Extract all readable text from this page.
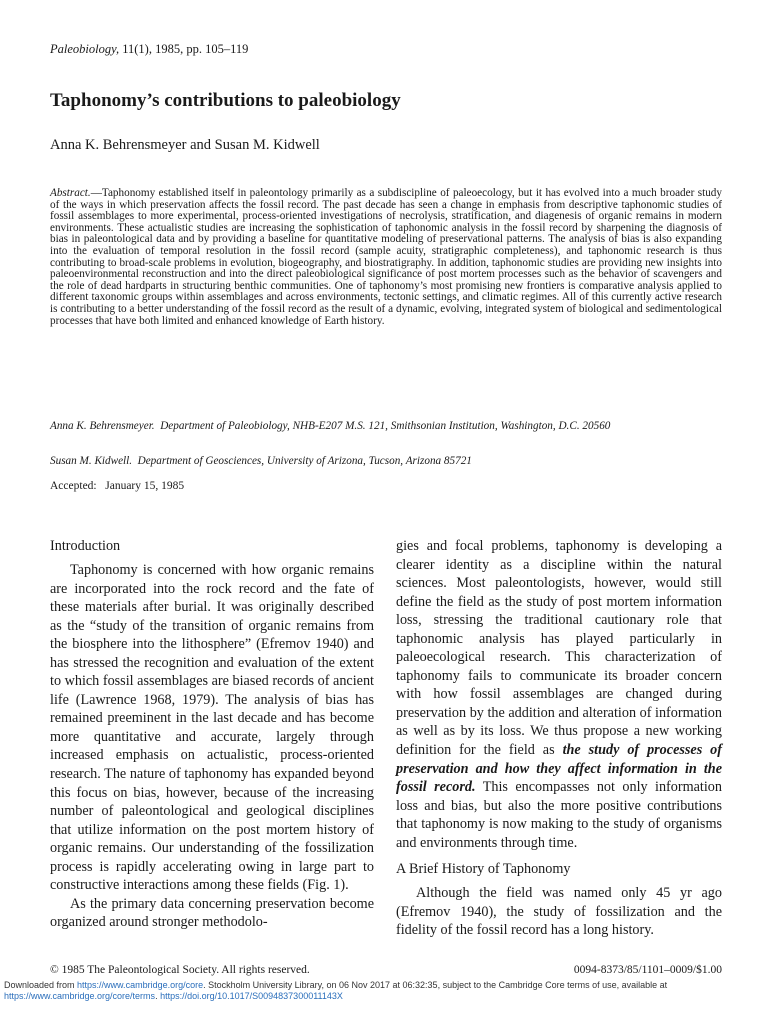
Paleobiology, 11(1), 1985, pp. 105–119
Taphonomy’s contributions to paleobiology
Anna K. Behrensmeyer and Susan M. Kidwell
Abstract.—Taphonomy established itself in paleontology primarily as a subdiscipline of paleoecology, but it has evolved into a much broader study of the ways in which preservation affects the fossil record. The past decade has seen a change in emphasis from descriptive taphonomic studies of fossil assemblages to more experimental, process-oriented investigations of necrolysis, stratification, and diagenesis of organic remains in modern environments. These actualistic studies are increasing the sophistication of taphonomic analysis in the fossil record by sharpening the diagnosis of bias in paleontological data and by providing a baseline for quantitative modeling of preservational patterns. The analysis of bias is also expanding into the evaluation of temporal resolution in the fossil record (sample acuity, stratigraphic completeness), and taphonomic research is thus contributing to broad-scale problems in evolution, biogeography, and biostratigraphy. In addition, taphonomic studies are providing new insights into paleoenvironmental reconstruction and into the direct paleobiological significance of post mortem processes such as the behavior of scavengers and the role of dead hardparts in structuring benthic communities. One of taphonomy’s most promising new frontiers is comparative analysis applied to different taxonomic groups within assemblages and across environments, tectonic settings, and climatic regimes. All of this currently active research is contributing to a better understanding of the fossil record as the result of a dynamic, evolving, integrated system of biological and sedimentological processes that have both limited and enhanced knowledge of Earth history.
Anna K. Behrensmeyer. Department of Paleobiology, NHB-E207 M.S. 121, Smithsonian Institution, Washington, D.C. 20560
Susan M. Kidwell. Department of Geosciences, University of Arizona, Tucson, Arizona 85721
Accepted:   January 15, 1985
Introduction

Taphonomy is concerned with how organic remains are incorporated into the rock record and the fate of these materials after burial. It was originally described as the “study of the transition of organic remains from the biosphere into the lithosphere” (Efremov 1940) and has stressed the recognition and evaluation of the extent to which fossil assemblages are biased records of ancient life (Lawrence 1968, 1979). The analysis of bias has remained preeminent in the last decade and has become more quantitative and accurate, largely through increased emphasis on actualistic, process-oriented research. The nature of taphonomy has expanded beyond this focus on bias, however, because of the increasing number of paleontological and geological disciplines that utilize information on the post mortem history of organic remains. Our understanding of the fossilization process is rapidly accelerating owing in large part to constructive interactions among these fields (Fig. 1).

As the primary data concerning preservation become organized around stronger methodolo-

gies and focal problems, taphonomy is developing a clearer identity as a discipline within the natural sciences. Most paleontologists, however, would still define the field as the study of post mortem information loss, stressing the traditional cautionary role that taphonomic analysis has played particularly in paleoecological research. This characterization of taphonomy fails to communicate its broader concern with how fossil assemblages are changed during preservation by the addition and alteration of information as well as by its loss. We thus propose a new working definition for the field as the study of processes of preservation and how they affect information in the fossil record. This encompasses not only information loss and bias, but also the more positive contributions that taphonomy is now making to the study of organisms and environments through time.

A Brief History of Taphonomy

Although the field was named only 45 yr ago (Efremov 1940), the study of fossilization and the fidelity of the fossil record has a long history.

© 1985 The Paleontological Society. All rights reserved.	0094-8373/85/1101–0009/$1.00
Downloaded from https://www.cambridge.org/core. Stockholm University Library, on 06 Nov 2017 at 06:32:35, subject to the Cambridge Core terms of use, available at https://www.cambridge.org/core/terms. https://doi.org/10.1017/S0094837300011143X
